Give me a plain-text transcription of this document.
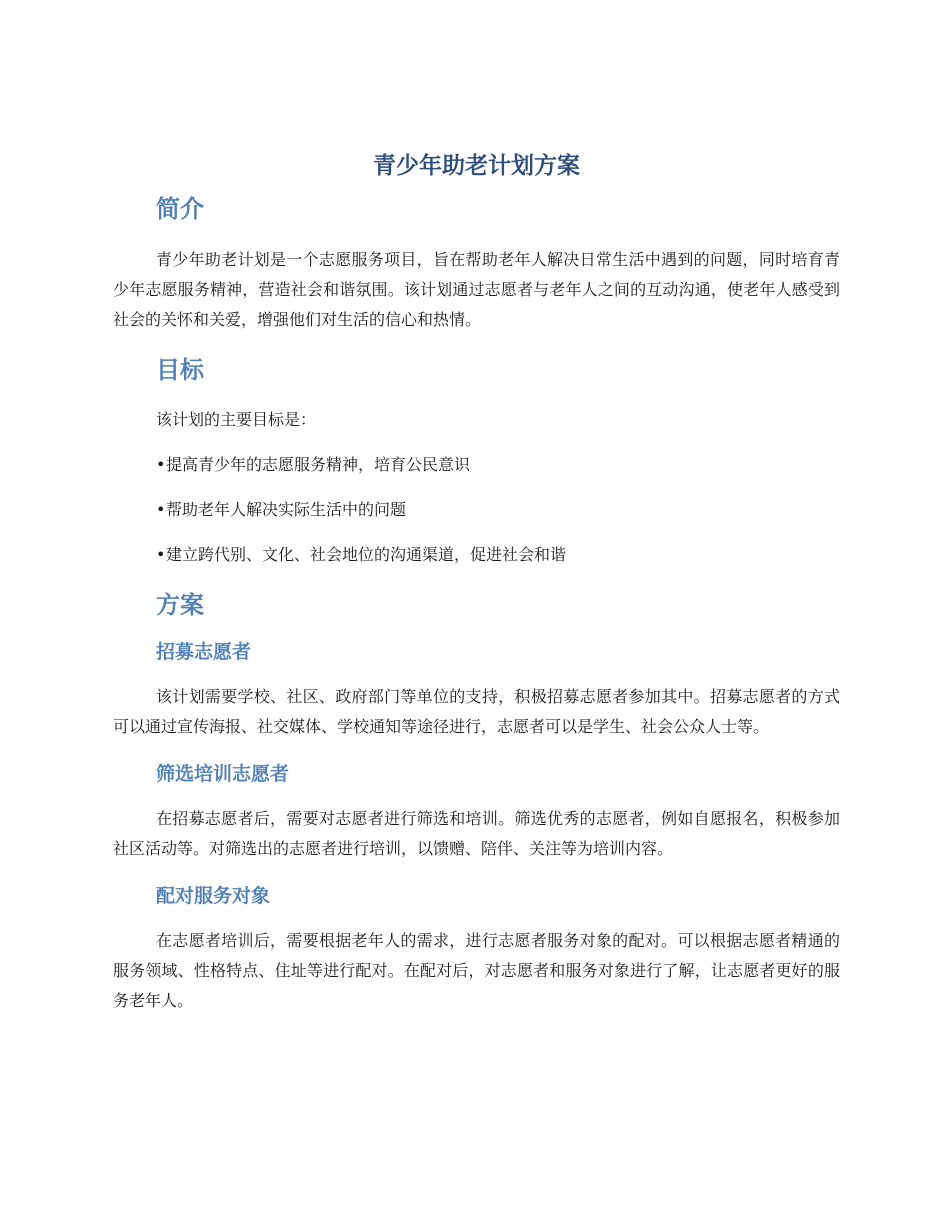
青少年助老计划方案
简介

青少年助老计划是一个志愿服务项目，旨在帮助老年人解决日常生活中遇到的问题，同时培育青少年志愿服务精神，营造社会和谐氛围。该计划通过志愿者与老年人之间的互动沟通，使老年人感受到社会的关怀和关爱，增强他们对生活的信心和热情。

目标

该计划的主要目标是：

•提高青少年的志愿服务精神，培育公民意识
•帮助老年人解决实际生活中的问题
•建立跨代别、文化、社会地位的沟通渠道，促进社会和谐
方案
招募志愿者

该计划需要学校、社区、政府部门等单位的支持，积极招募志愿者参加其中。招募志愿者的方式可以通过宣传海报、社交媒体、学校通知等途径进行，志愿者可以是学生、社会公众人士等。

筛选培训志愿者

在招募志愿者后，需要对志愿者进行筛选和培训。筛选优秀的志愿者，例如自愿报名，积极参加社区活动等。对筛选出的志愿者进行培训，以馈赠、陪伴、关注等为培训内容。

配对服务对象

在志愿者培训后，需要根据老年人的需求，进行志愿者服务对象的配对。可以根据志愿者精通的服务领域、性格特点、住址等进行配对。在配对后，对志愿者和服务对象进行了解，让志愿者更好的服务老年人。
